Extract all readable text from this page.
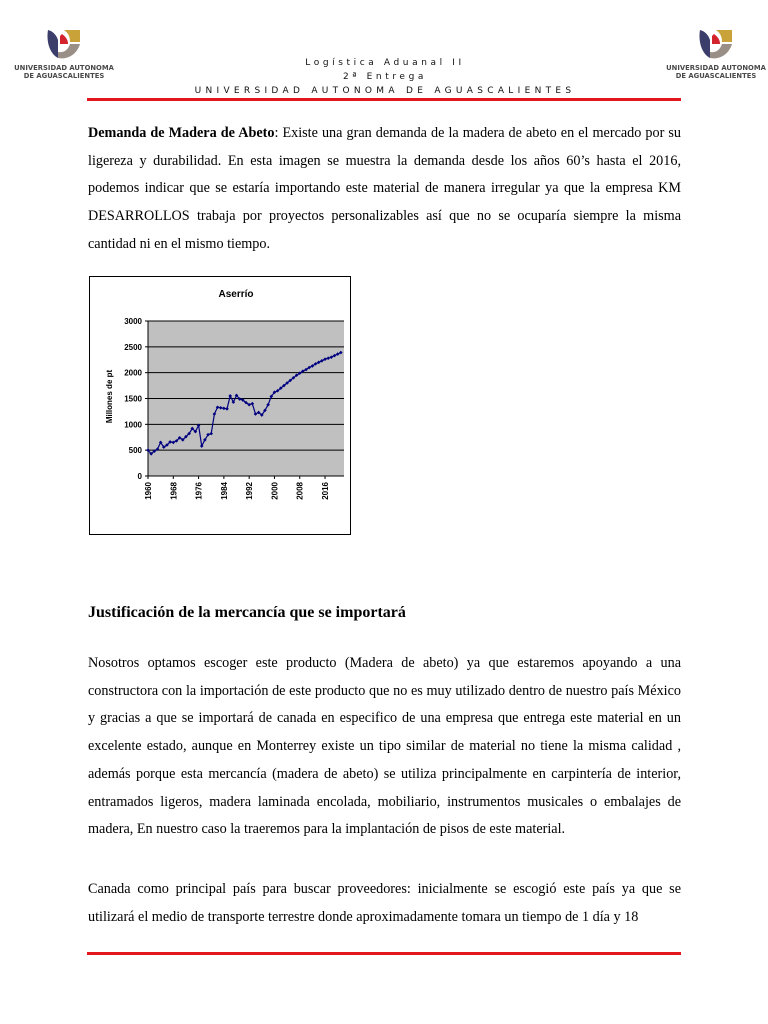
UNIVERSIDAD AUTONOMA
DE AGUASCALIENTES
UNIVERSIDAD AUTONOMA
DE AGUASCALIENTES
Logística Aduanal II
2ª Entrega
UNIVERSIDAD AUTONOMA DE AGUASCALIENTES

Demanda de Madera de Abeto: Existe una gran demanda de la madera de abeto en el mercado por su ligereza y durabilidad. En esta imagen se muestra la demanda desde los años 60’s hasta el 2016, podemos indicar que se estaría importando este material de manera irregular ya que la empresa KM DESARROLLOS trabaja por proyectos personalizables así que no se ocuparía siempre la misma cantidad ni en el mismo tiempo.

0
500
1000
1500
2000
2500
3000
1960 1968 1976 1984 1992 2000 2008 2016
Aserrío
Millones de pt
Justificación de la mercancía que se importará

Nosotros optamos escoger este producto (Madera de abeto) ya que estaremos apoyando a una constructora con la importación de este producto que no es muy utilizado dentro de nuestro país México y gracias a que se importará de canada en especifico de una empresa que entrega este material en un excelente estado, aunque en Monterrey existe un tipo similar de material no tiene la misma calidad , además porque esta mercancía (madera de abeto) se utiliza principalmente en carpintería de interior, entramados ligeros, madera laminada encolada, mobiliario, instrumentos musicales o embalajes de madera, En nuestro caso la traeremos para la implantación de pisos de este material.

Canada como principal país para buscar proveedores: inicialmente se escogió este país ya que se utilizará el medio de transporte terrestre donde aproximadamente tomara un tiempo de 1 día y 18
